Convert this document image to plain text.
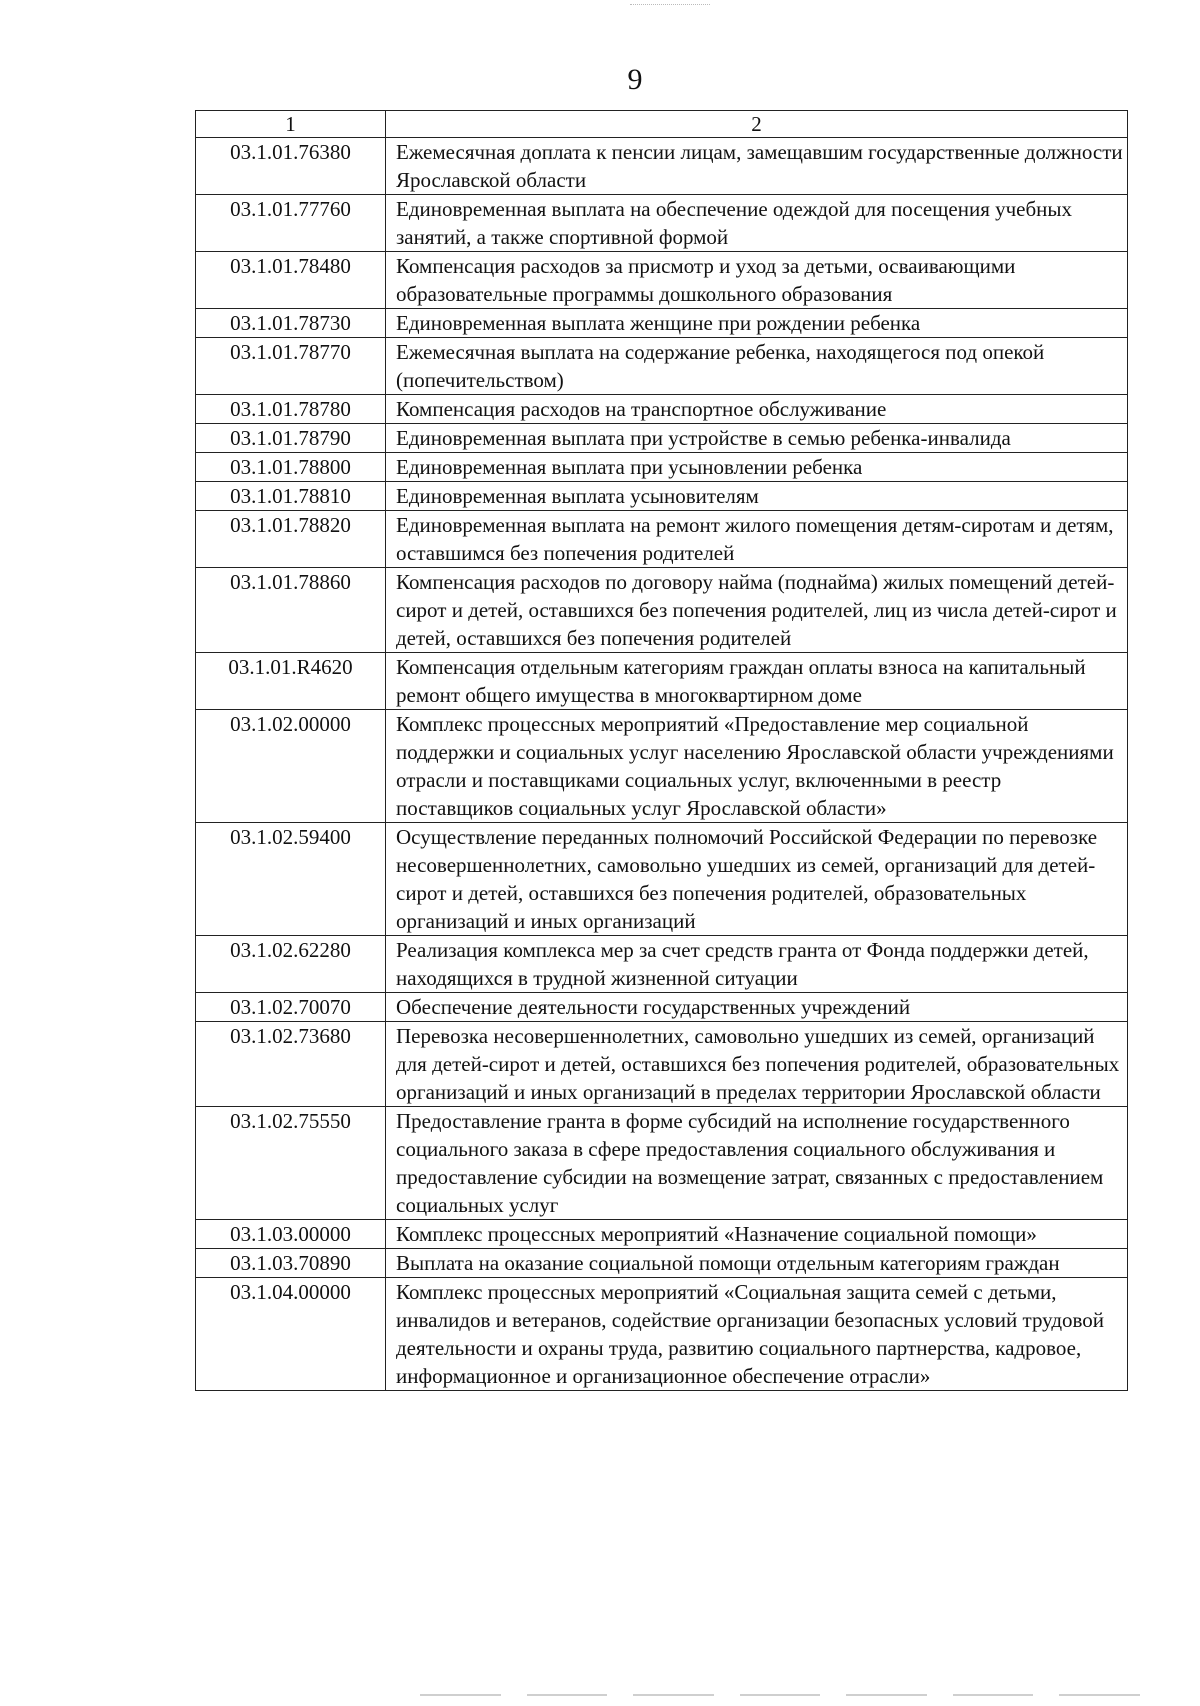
9
1	2
03.1.01.76380	Ежемесячная доплата к пенсии лицам, замещавшим государственные должности Ярославской области
03.1.01.77760	Единовременная выплата на обеспечение одеждой для посещения учебных занятий, а также спортивной формой
03.1.01.78480	Компенсация расходов за присмотр и уход за детьми, осваивающими образовательные программы дошкольного образования
03.1.01.78730	Единовременная выплата женщине при рождении ребенка
03.1.01.78770	Ежемесячная выплата на содержание ребенка, находящегося под опекой (попечительством)
03.1.01.78780	Компенсация расходов на транспортное обслуживание
03.1.01.78790	Единовременная выплата при устройстве в семью ребенка-инвалида
03.1.01.78800	Единовременная выплата при усыновлении ребенка
03.1.01.78810	Единовременная выплата усыновителям
03.1.01.78820	Единовременная выплата на ремонт жилого помещения детям-сиротам и детям, оставшимся без попечения родителей
03.1.01.78860	Компенсация расходов по договору найма (поднайма) жилых помещений детей-сирот и детей, оставшихся без попечения родителей, лиц из числа детей-сирот и детей, оставшихся без попечения родителей
03.1.01.R4620	Компенсация отдельным категориям граждан оплаты взноса на капитальный ремонт общего имущества в многоквартирном доме
03.1.02.00000	Комплекс процессных мероприятий «Предоставление мер социальной поддержки и социальных услуг населению Ярославской области учреждениями отрасли и поставщиками социальных услуг, включенными в реестр поставщиков социальных услуг Ярославской области»
03.1.02.59400	Осуществление переданных полномочий Российской Федерации по перевозке несовершеннолетних, самовольно ушедших из семей, организаций для детей-сирот и детей, оставшихся без попечения родителей, образовательных организаций и иных организаций
03.1.02.62280	Реализация комплекса мер за счет средств гранта от Фонда поддержки детей, находящихся в трудной жизненной ситуации
03.1.02.70070	Обеспечение деятельности государственных учреждений
03.1.02.73680	Перевозка несовершеннолетних, самовольно ушедших из семей, организаций для детей-сирот и детей, оставшихся без попечения родителей, образовательных организаций и иных организаций в пределах территории Ярославской области
03.1.02.75550	Предоставление гранта в форме субсидий на исполнение государственного социального заказа в сфере предоставления социального обслуживания и предоставление субсидии на возмещение затрат, связанных с предоставлением социальных услуг
03.1.03.00000	Комплекс процессных мероприятий «Назначение социальной помощи»
03.1.03.70890	Выплата на оказание социальной помощи отдельным категориям граждан
03.1.04.00000	Комплекс процессных мероприятий «Социальная защита семей с детьми, инвалидов и ветеранов, содействие организации безопасных условий трудовой деятельности и охраны труда, развитию социального партнерства, кадровое, информационное и организационное обеспечение отрасли»
